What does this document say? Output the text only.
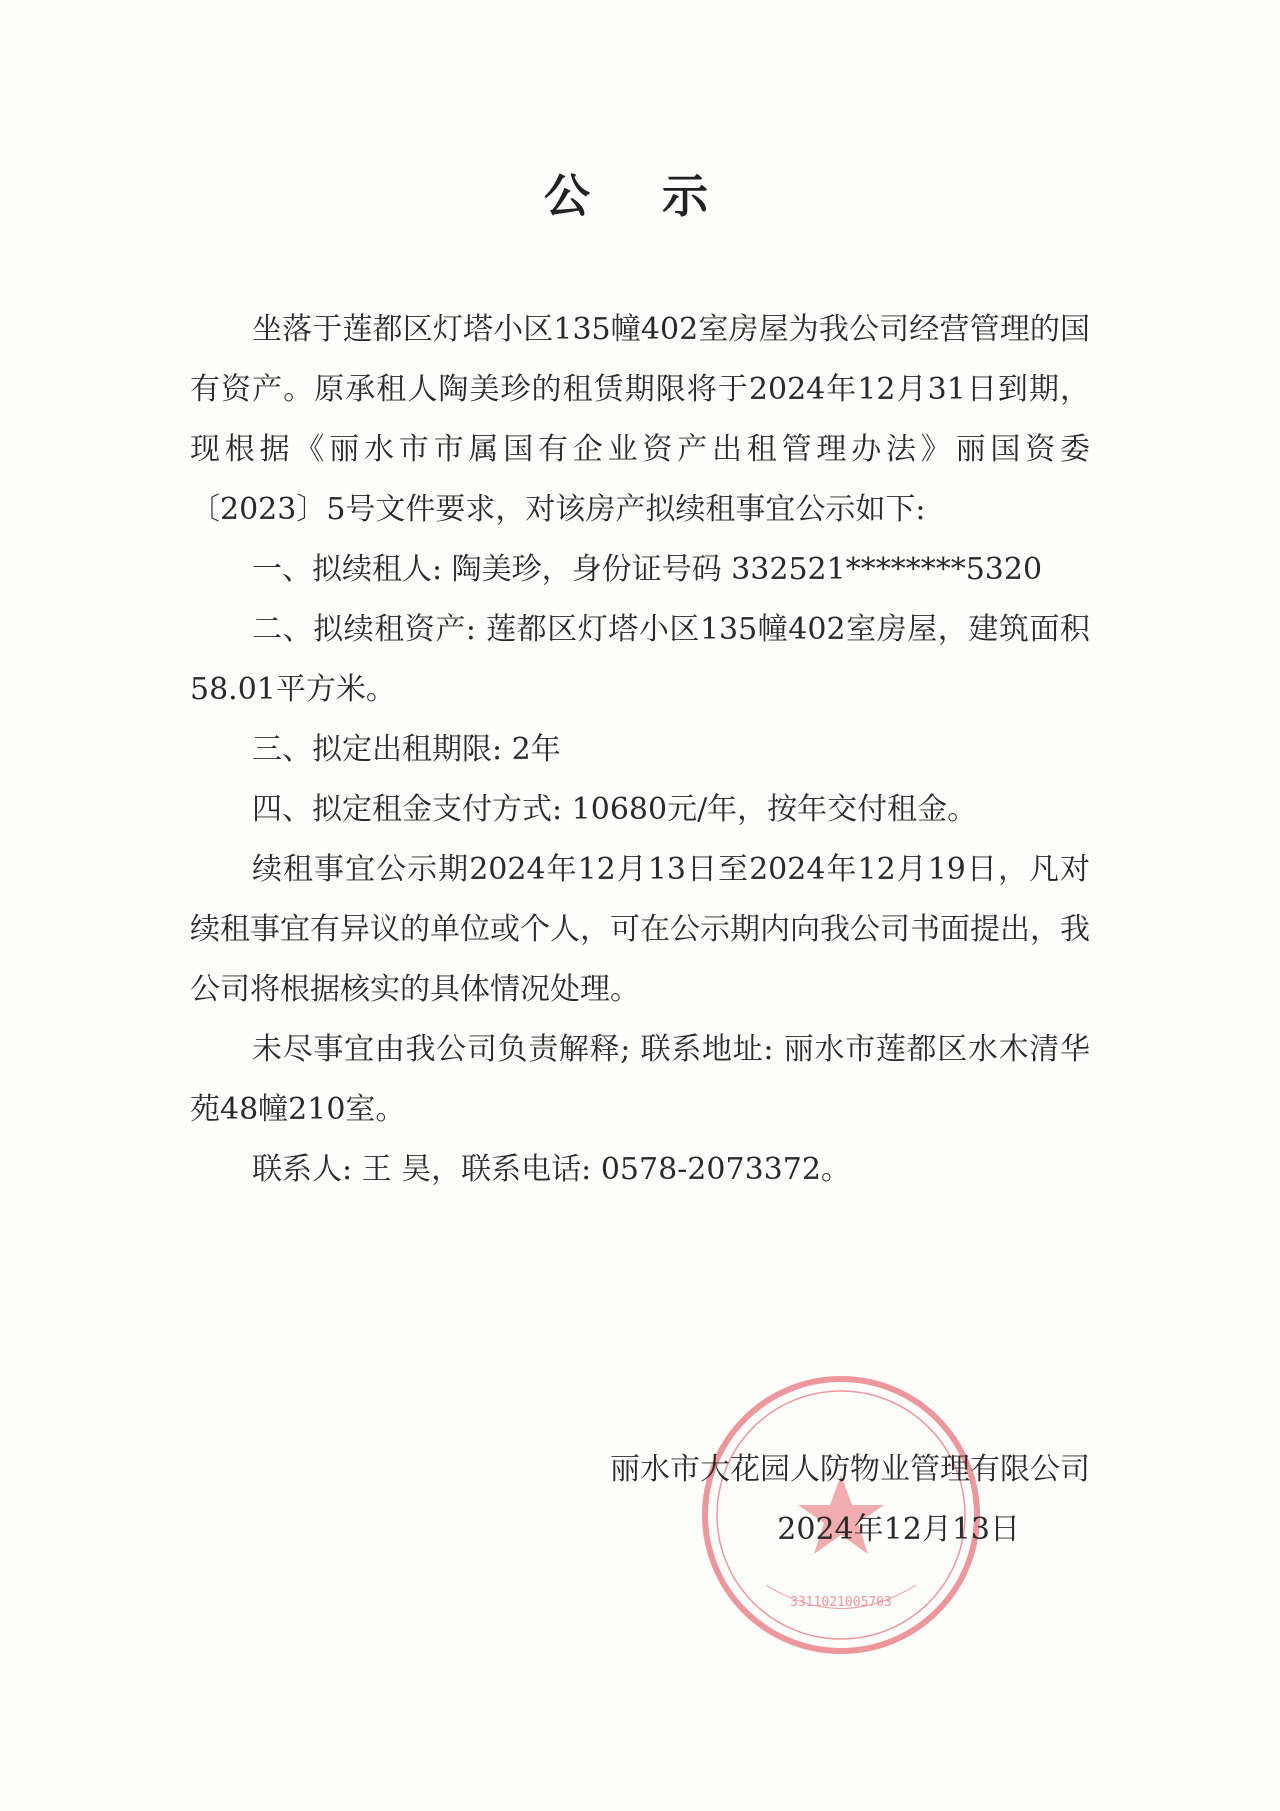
公 示

坐落于莲都区灯塔小区135幢402室房屋为我公司经营管理的国有资产。原承租人陶美珍的租赁期限将于2024年12月31日到期，现根据《丽水市市属国有企业资产出租管理办法》丽国资委〔2023〕5号文件要求，对该房产拟续租事宜公示如下:

一、拟续租人: 陶美珍，身份证号码 332521********5320

二、拟续租资产: 莲都区灯塔小区135幢402室房屋，建筑面积58.01平方米。

三、拟定出租期限: 2年

四、拟定租金支付方式: 10680元/年，按年交付租金。

续租事宜公示期2024年12月13日至2024年12月19日，凡对续租事宜有异议的单位或个人，可在公示期内向我公司书面提出，我公司将根据核实的具体情况处理。

未尽事宜由我公司负责解释; 联系地址: 丽水市莲都区水木清华苑48幢210室。

联系人: 王 昊，联系电话: 0578-2073372。

3311021005703
丽水市大花园人防物业管理有限公司
2024年12月13日
